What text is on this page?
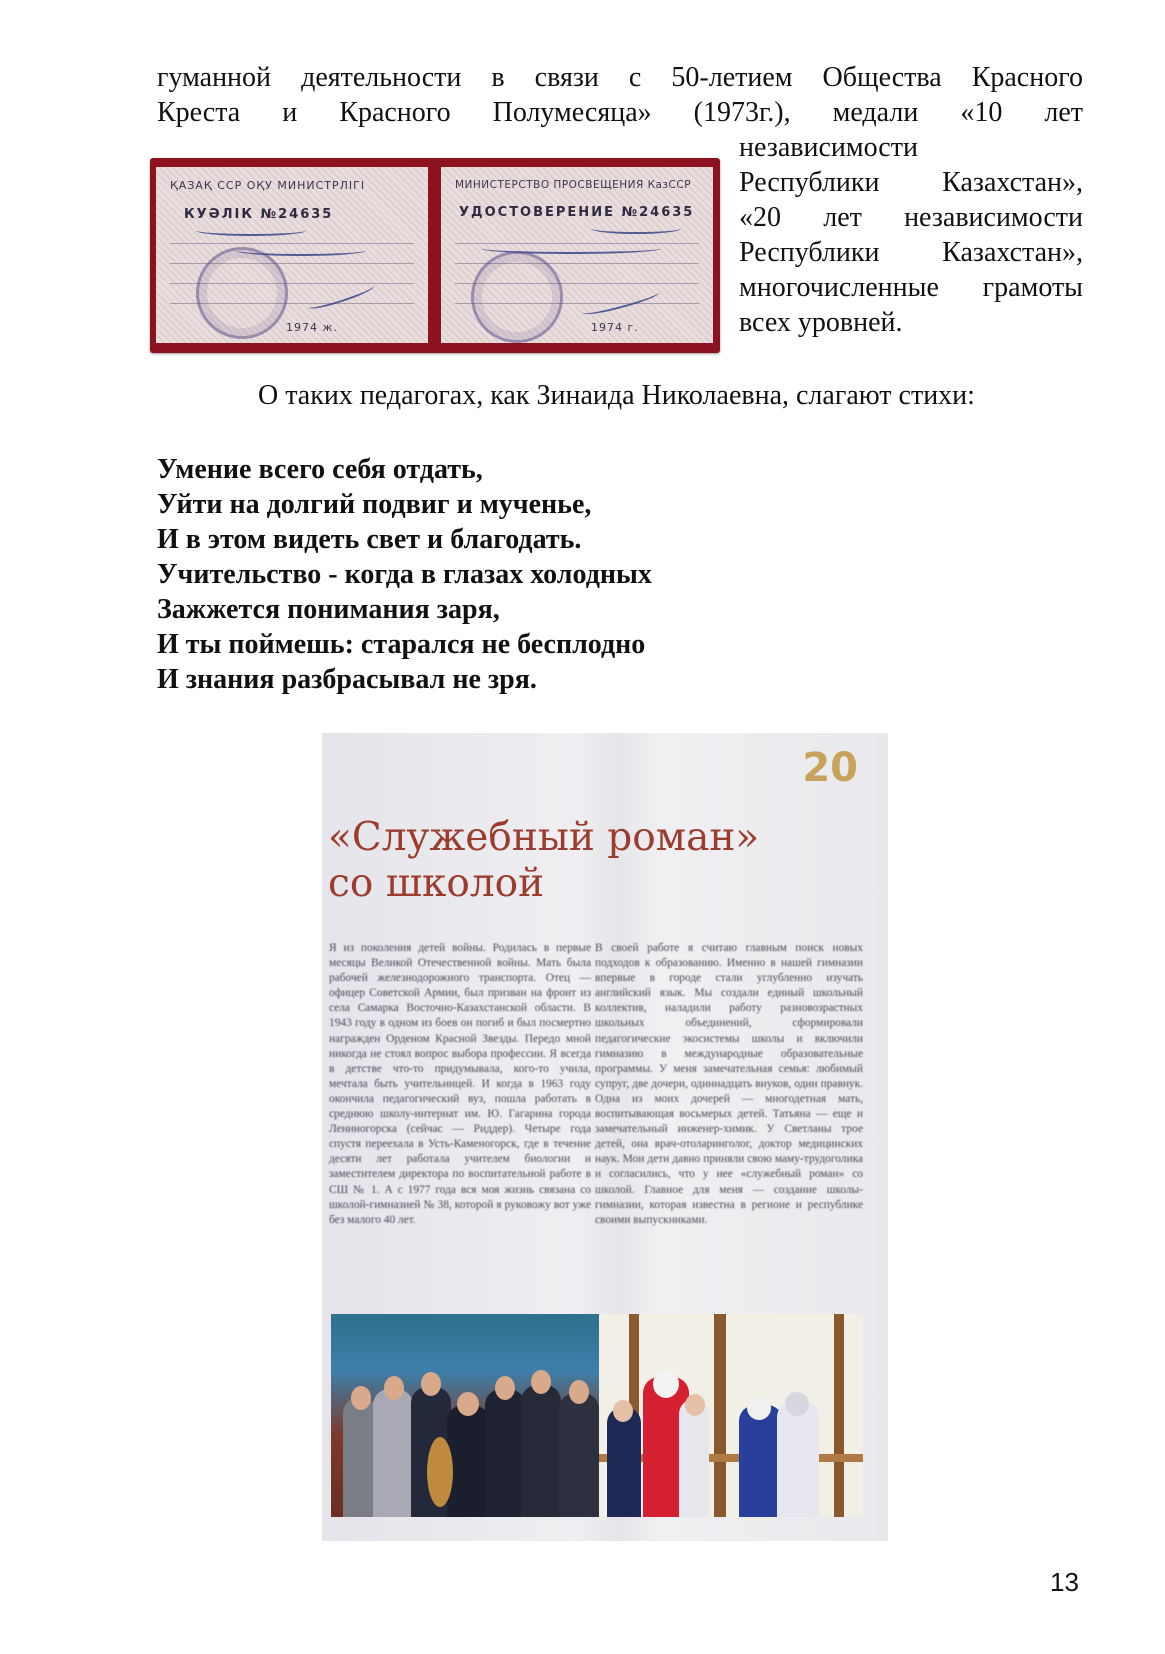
гуманной деятельности в связи с 50-летием Общества Красного
Креста и Красного Полумесяца» (1973г.), медали «10 лет
независимости
Республики Казахстан»,
«20 лет независимости
Республики Казахстан»,
многочисленные грамоты
всех уровней.
ҚАЗАҚ ССР ОҚУ МИНИСТРЛІГІ
КУӘЛІК №24635
1974 ж.
МИНИСТЕРСТВО ПРОСВЕЩЕНИЯ КазССР
УДОСТОВЕРЕНИЕ №24635
1974 г.
О таких педагогах, как Зинаида Николаевна, слагают стихи:
Умение всего себя отдать,
Уйти на долгий подвиг и мученье,
И в этом видеть свет и благодать.
Учительство - когда в глазах холодных
Зажжется понимания заря,
И ты поймешь: старался не бесплодно
И знания разбрасывал не зря.
20
«Служебный роман»
со школой
Я из поколения детей войны. Родилась в первые месяцы Великой Отечественной войны. Мать была рабочей железнодорожного транспорта. Отец — офицер Советской Армии, был призван на фронт из села Самарка Восточно-Казахстанской области. В 1943 году в одном из боев он погиб и был посмертно награжден Орденом Красной Звезды. Передо мной никогда не стоял вопрос выбора профессии. Я всегда в детстве что-то придумывала, кого-то учила, мечтала быть учительницей. И когда в 1963 году окончила педагогический вуз, пошла работать в среднюю школу-интернат им. Ю. Гагарина города Лениногорска (сейчас — Риддер). Четыре года спустя переехала в Усть-Каменогорск, где в течение десяти лет работала учителем биологии и заместителем директора по воспитательной работе в СШ № 1. А с 1977 года вся моя жизнь связана со школой-гимназией № 38, которой я руковожу вот уже без малого 40 лет.
В своей работе я считаю главным поиск новых подходов к образованию. Именно в нашей гимназии впервые в городе стали углубленно изучать английский язык. Мы создали единый школьный коллектив, наладили работу разновозрастных школьных объединений, сформировали педагогические экосистемы школы и включили гимназию в международные образовательные программы. У меня замечательная семья: любимый супруг, две дочери, одиннадцать внуков, один правнук. Одна из моих дочерей — многодетная мать, воспитывающая восьмерых детей. Татьяна — еще и замечательный инженер-химик. У Светланы трое детей, она врач-отоларинголог, доктор медицинских наук. Мои дети давно приняли свою маму-трудоголика и согласились, что у нее «служебный роман» со школой. Главное для меня — создание школы-гимназии, которая известна в регионе и республике своими выпускниками.
13
